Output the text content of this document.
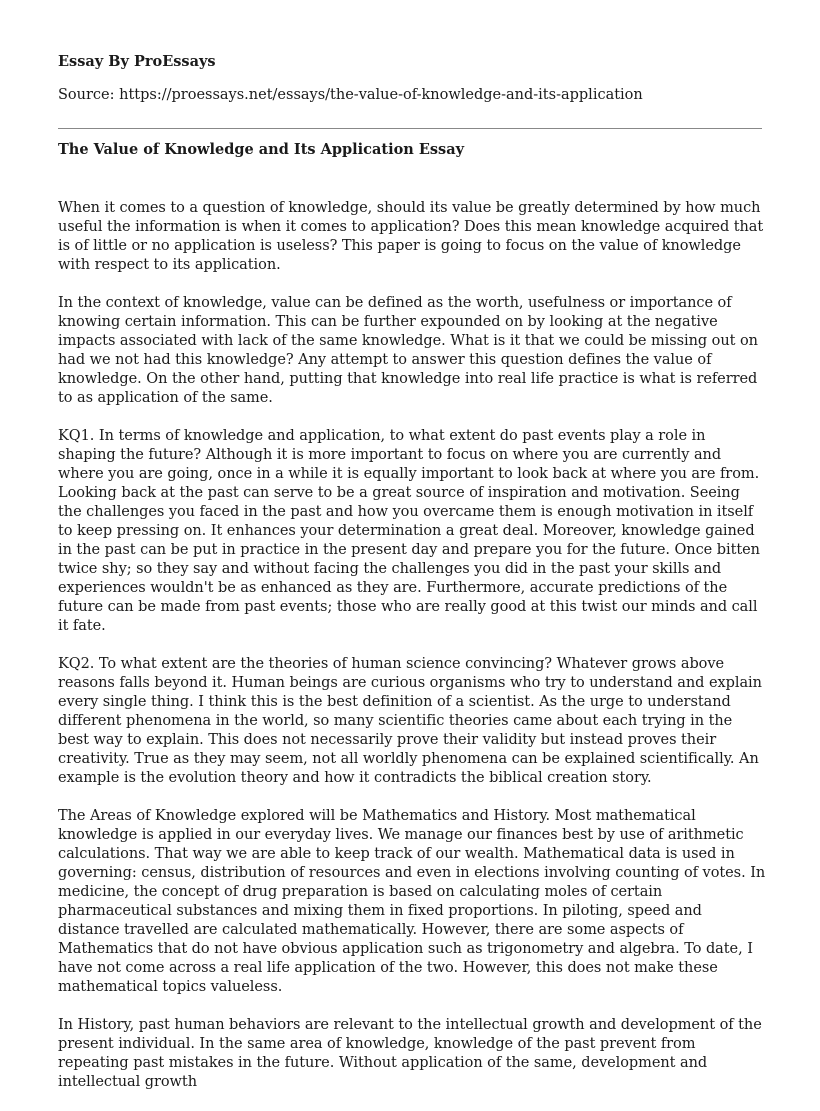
Essay By ProEssays
Source: https://proessays.net/essays/the-value-of-knowledge-and-its-application
The Value of Knowledge and Its Application Essay

When it comes to a question of knowledge, should its value be greatly determined by how much useful the information is when it comes to application? Does this mean knowledge acquired that is of little or no application is useless? This paper is going to focus on the value of knowledge with respect to its application.

In the context of knowledge, value can be defined as the worth, usefulness or importance of knowing certain information. This can be further expounded on by looking at the negative impacts associated with lack of the same knowledge. What is it that we could be missing out on had we not had this knowledge? Any attempt to answer this question defines the value of knowledge. On the other hand, putting that knowledge into real life practice is what is referred to as application of the same.

KQ1. In terms of knowledge and application, to what extent do past events play a role in shaping the future? Although it is more important to focus on where you are currently and where you are going, once in a while it is equally important to look back at where you are from. Looking back at the past can serve to be a great source of inspiration and motivation. Seeing the challenges you faced in the past and how you overcame them is enough motivation in itself to keep pressing on. It enhances your determination a great deal. Moreover, knowledge gained in the past can be put in practice in the present day and prepare you for the future. Once bitten twice shy; so they say and without facing the challenges you did in the past your skills and experiences wouldn't be as enhanced as they are. Furthermore, accurate predictions of the future can be made from past events; those who are really good at this twist our minds and call it fate.

KQ2. To what extent are the theories of human science convincing? Whatever grows above reasons falls beyond it. Human beings are curious organisms who try to understand and explain every single thing. I think this is the best definition of a scientist. As the urge to understand different phenomena in the world, so many scientific theories came about each trying in the best way to explain. This does not necessarily prove their validity but instead proves their creativity. True as they may seem, not all worldly phenomena can be explained scientifically. An example is the evolution theory and how it contradicts the biblical creation story.

The Areas of Knowledge explored will be Mathematics and History. Most mathematical knowledge is applied in our everyday lives. We manage our finances best by use of arithmetic calculations. That way we are able to keep track of our wealth. Mathematical data is used in governing: census, distribution of resources and even in elections involving counting of votes. In medicine, the concept of drug preparation is based on calculating moles of certain pharmaceutical substances and mixing them in fixed proportions. In piloting, speed and distance travelled are calculated mathematically. However, there are some aspects of Mathematics that do not have obvious application such as trigonometry and algebra. To date, I have not come across a real life application of the two. However, this does not make these mathematical topics valueless.

In History, past human behaviors are relevant to the intellectual growth and development of the present individual. In the same area of knowledge, knowledge of the past prevent from repeating past mistakes in the future. Without application of the same, development and intellectual growth
